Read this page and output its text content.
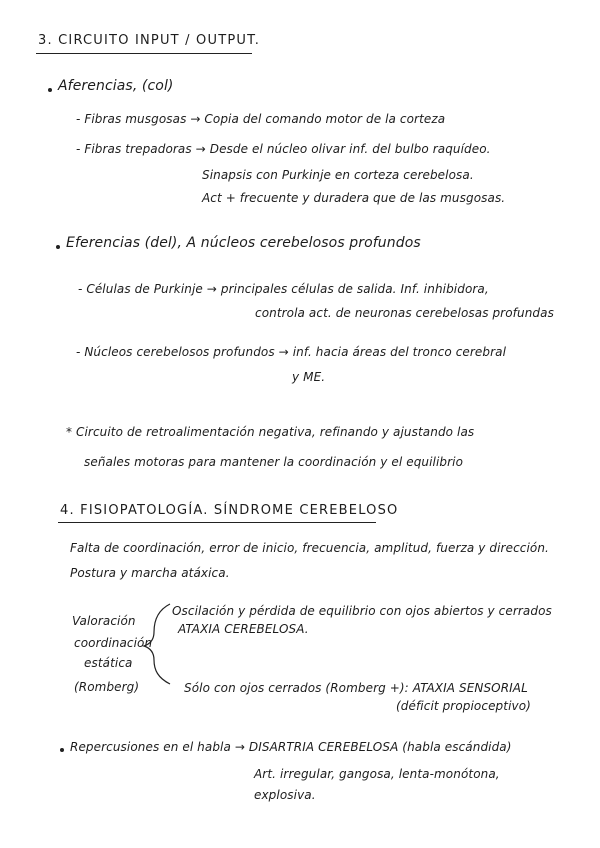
3. CIRCUITO INPUT / OUTPUT.
Aferencias, (col)
- Fibras musgosas → Copia del comando motor de la corteza
- Fibras trepadoras → Desde el núcleo olivar inf. del bulbo raquídeo.
Sinapsis con Purkinje en corteza cerebelosa.
Act + frecuente y duradera que de las musgosas.
Eferencias (del), A núcleos cerebelosos profundos
- Células de Purkinje → principales células de salida. Inf. inhibidora,
controla act. de neuronas cerebelosas profundas
- Núcleos cerebelosos profundos → inf. hacia áreas del tronco cerebral
y ME.
* Circuito de retroalimentación negativa, refinando y ajustando las
señales motoras para mantener la coordinación y el equilibrio
4. FISIOPATOLOGÍA. SÍNDROME CEREBELOSO
Falta de coordinación, error de inicio, frecuencia, amplitud, fuerza y dirección.
Postura y marcha atáxica.
Valoración
coordinación
estática
(Romberg)
Oscilación y pérdida de equilibrio con ojos abiertos y cerrados
ATAXIA CEREBELOSA.
Sólo con ojos cerrados (Romberg +): ATAXIA SENSORIAL
(déficit propioceptivo)
Repercusiones en el habla → DISARTRIA CEREBELOSA (habla escándida)
Art. irregular, gangosa, lenta-monótona,
explosiva.
